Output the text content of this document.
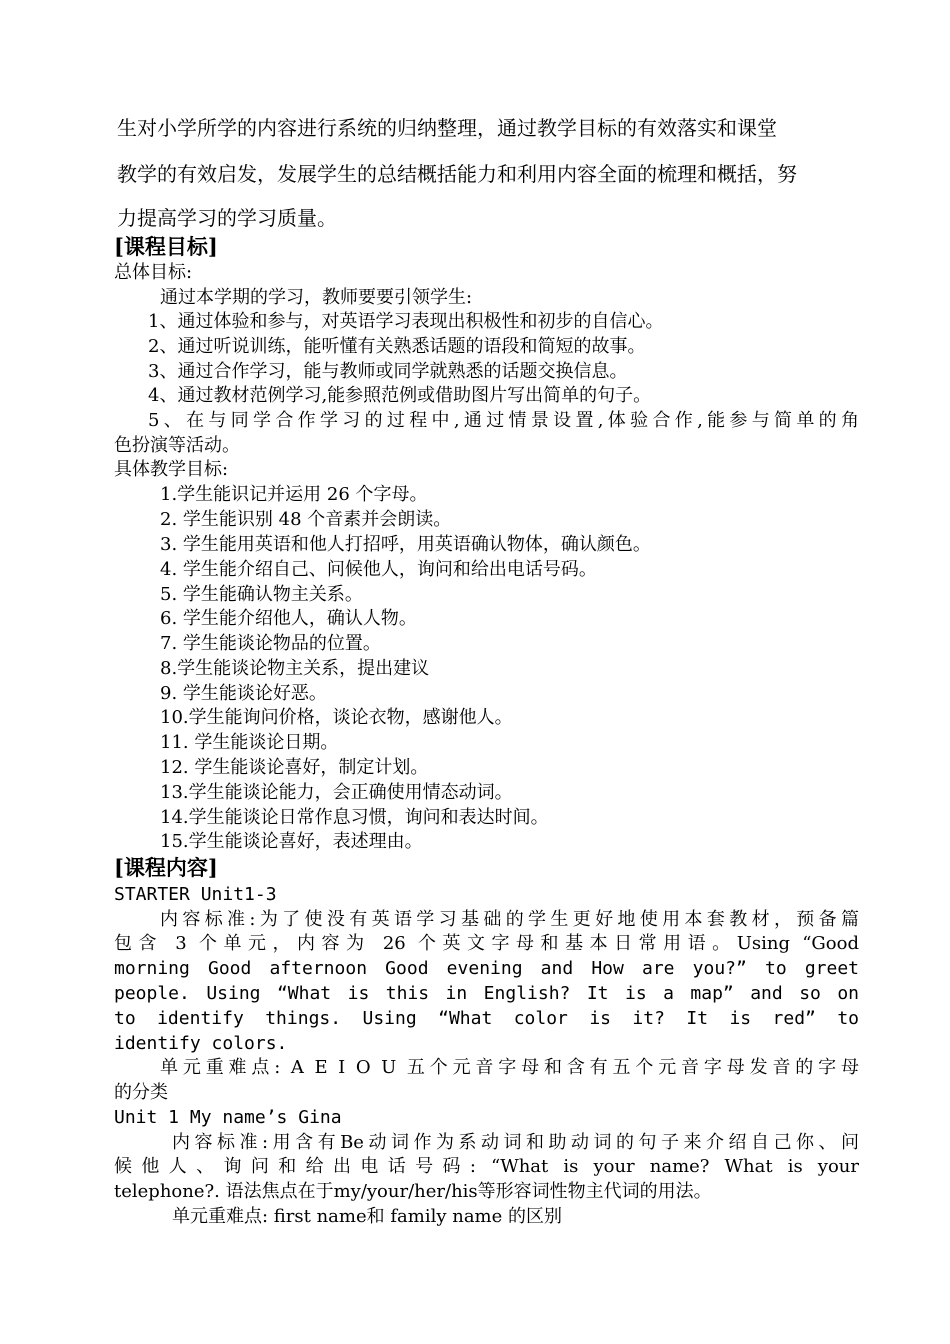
生对小学所学的内容进行系统的归纳整理，通过教学目标的有效落实和课堂

教学的有效启发，发展学生的总结概括能力和利用内容全面的梳理和概括，努

力提高学习的学习质量。

[课程目标]
总体目标:
通过本学期的学习，教师要要引领学生:
1、通过体验和参与，对英语学习表现出积极性和初步的自信心。
2、通过听说训练，能听懂有关熟悉话题的语段和简短的故事。
3、通过合作学习，能与教师或同学就熟悉的话题交换信息。
4、通过教材范例学习,能参照范例或借助图片写出简单的句子。
5、在与同学合作学习的过程中,通过情景设置,体验合作,能参与简单的角
色扮演等活动。
具体教学目标:
1.学生能识记并运用 26 个字母。
2. 学生能识别 48 个音素并会朗读。
3. 学生能用英语和他人打招呼，用英语确认物体，确认颜色。
4. 学生能介绍自己、问候他人，询问和给出电话号码。
5. 学生能确认物主关系。
6. 学生能介绍他人，确认人物。
7. 学生能谈论物品的位置。
8.学生能谈论物主关系，提出建议
9. 学生能谈论好恶。
10.学生能询问价格，谈论衣物，感谢他人。
11. 学生能谈论日期。
12. 学生能谈论喜好，制定计划。
13.学生能谈论能力，会正确使用情态动词。
14.学生能谈论日常作息习惯，询问和表达时间。
15.学生能谈论喜好，表述理由。
[课程内容]
STARTER Unit1-3
内容标准:为了使没有英语学习基础的学生更好地使用本套教材，预备篇
包含 3 个单元，内容为 26 个英文字母和基本日常用语。Using “Good
morning Good afternoon Good evening and How are you?” to greet
people. Using “What is this in English? It is a map” and so on
to identify things. Using “What color is it? It is red” to
identify colors.
单元重难点: A E I O U 五个元音字母和含有五个元音字母发音的字母
的分类
Unit 1 My name’s Gina
内容标准:用含有Be动词作为系动词和助动词的句子来介绍自己你、问
候他人、询问和给出电话号码: “What is your name? What is your
telephone?. 语法焦点在于my/your/her/his等形容词性物主代词的用法。
单元重难点: first name和 family name 的区别
